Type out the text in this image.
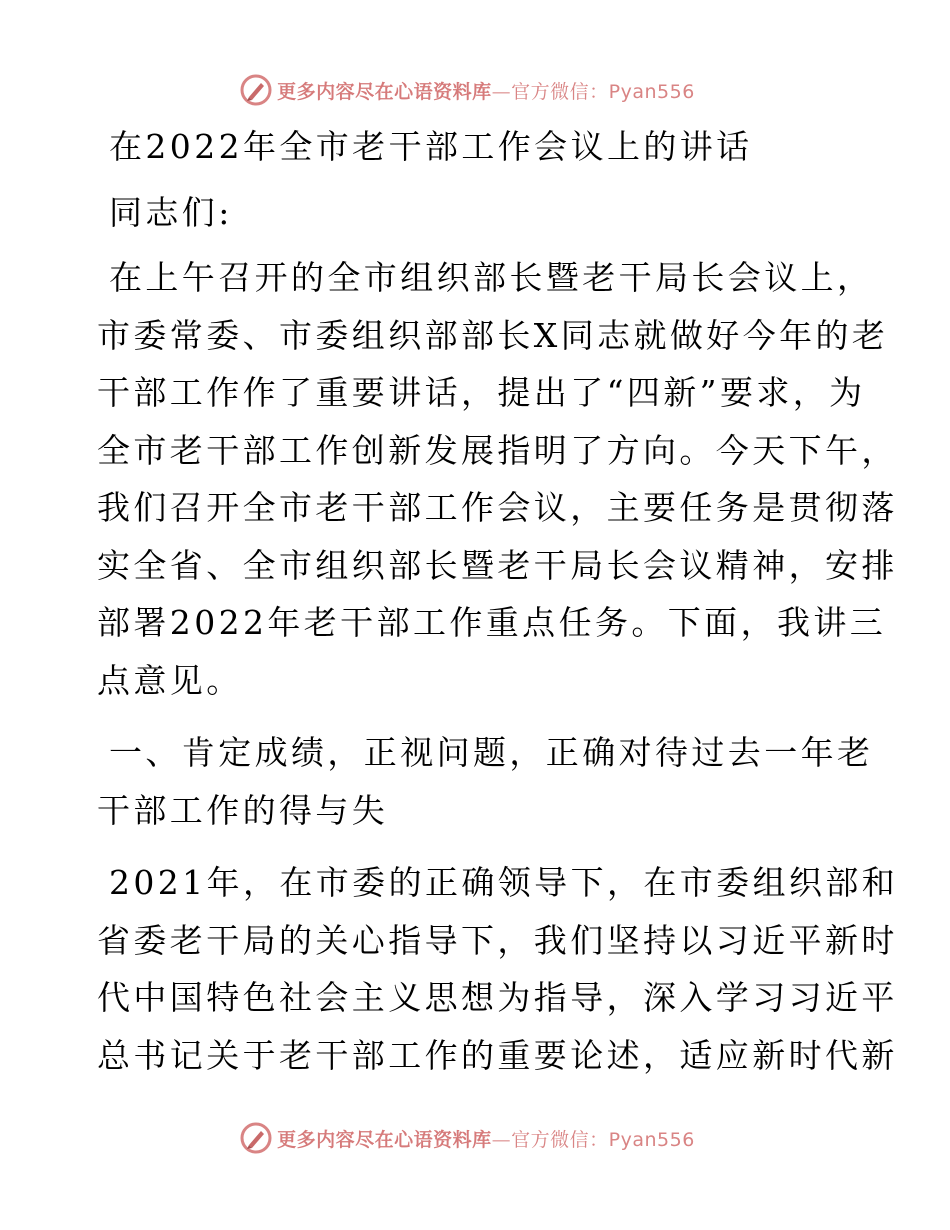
更多内容尽在心语资料库—官方微信：Pyan556
在2022年全市老干部工作会议上的讲话
同志们:
在上午召开的全市组织部长暨老干局长会议上，
市委常委、市委组织部部长X同志就做好今年的老
干部工作作了重要讲话，提出了“四新”要求，为
全市老干部工作创新发展指明了方向。今天下午，
我们召开全市老干部工作会议，主要任务是贯彻落
实全省、全市组织部长暨老干局长会议精神，安排
部署2022年老干部工作重点任务。下面，我讲三
点意见。
一、肯定成绩，正视问题，正确对待过去一年老
干部工作的得与失
2021年，在市委的正确领导下，在市委组织部和
省委老干局的关心指导下，我们坚持以习近平新时
代中国特色社会主义思想为指导，深入学习习近平
总书记关于老干部工作的重要论述，适应新时代新
更多内容尽在心语资料库—官方微信：Pyan556
